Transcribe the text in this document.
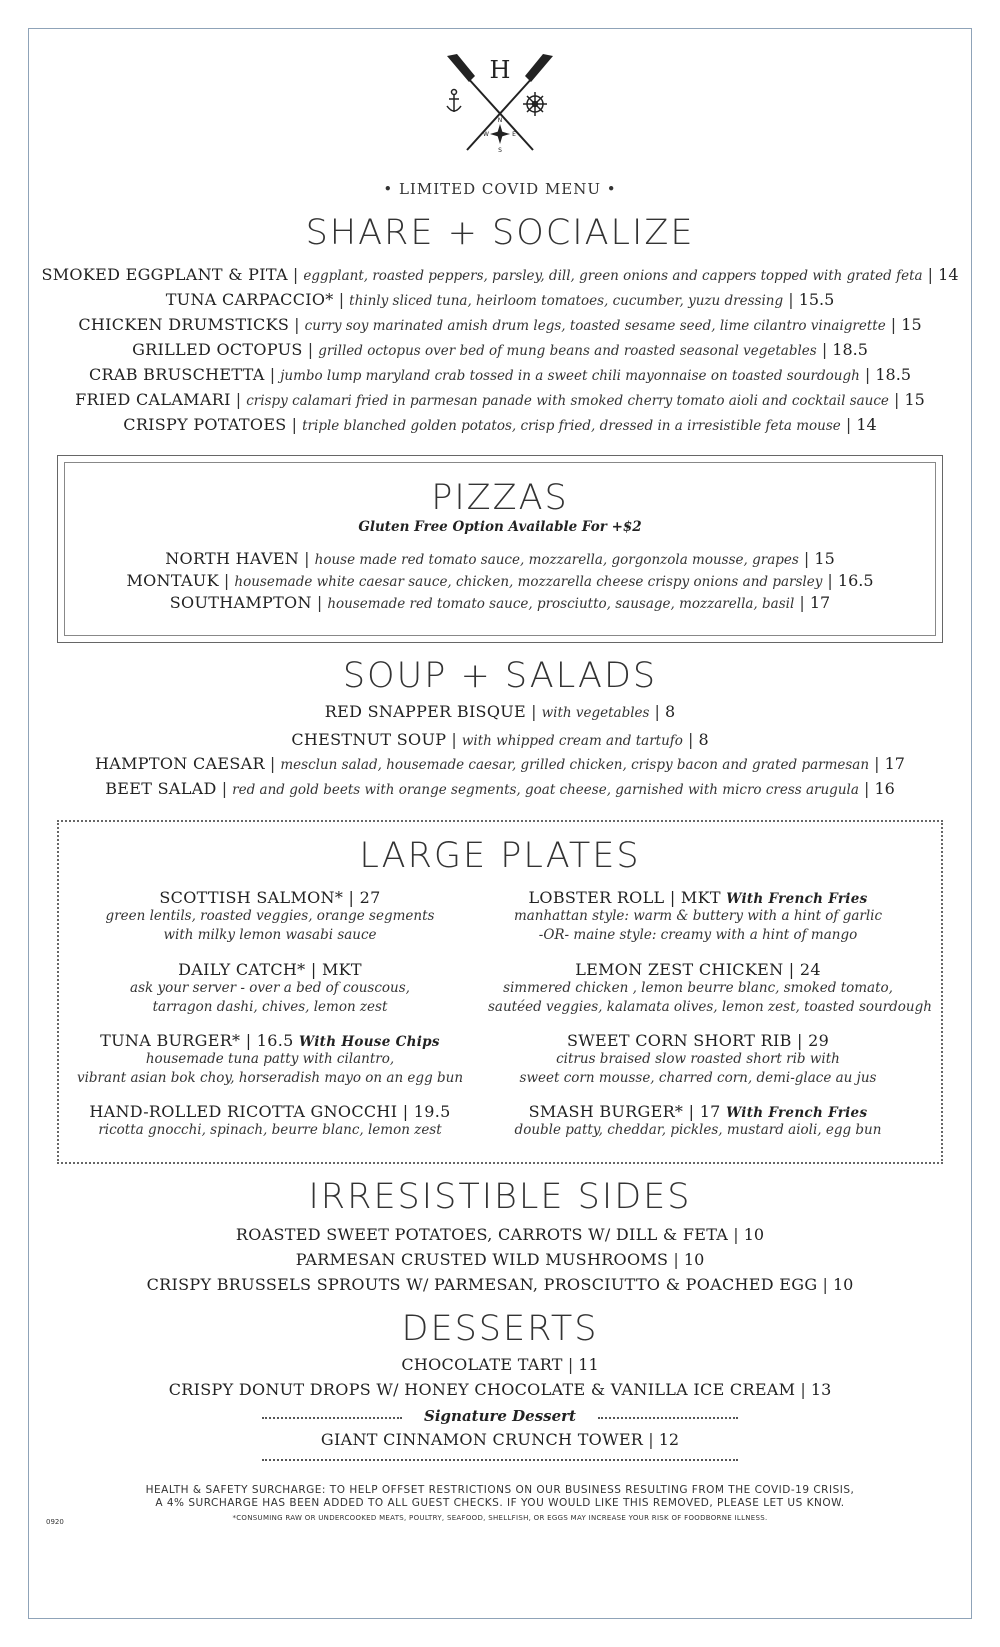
H
N
E
S
W
• LIMITED COVID MENU •
SHARE + SOCIALIZE
SMOKED EGGPLANT & PITA | eggplant, roasted peppers, parsley, dill, green onions and cappers topped with grated feta | 14
TUNA CARPACCIO* | thinly sliced tuna, heirloom tomatoes, cucumber, yuzu dressing | 15.5
CHICKEN DRUMSTICKS | curry soy marinated amish drum legs, toasted sesame seed, lime cilantro vinaigrette | 15
GRILLED OCTOPUS | grilled octopus over bed of mung beans and roasted seasonal vegetables | 18.5
CRAB BRUSCHETTA | jumbo lump maryland crab tossed in a sweet chili mayonnaise on toasted sourdough | 18.5
FRIED CALAMARI | crispy calamari fried in parmesan panade with smoked cherry tomato aioli and cocktail sauce | 15
CRISPY POTATOES | triple blanched golden potatos, crisp fried, dressed in a irresistible feta mouse | 14
PIZZAS
Gluten Free Option Available For +$2
NORTH HAVEN | house made red tomato sauce, mozzarella, gorgonzola mousse, grapes | 15
MONTAUK | housemade white caesar sauce, chicken, mozzarella cheese crispy onions and parsley | 16.5
SOUTHAMPTON | housemade red tomato sauce, prosciutto, sausage, mozzarella, basil | 17
SOUP + SALADS
RED SNAPPER BISQUE | with vegetables | 8
CHESTNUT SOUP | with whipped cream and tartufo | 8
HAMPTON CAESAR | mesclun salad, housemade caesar, grilled chicken, crispy bacon and grated parmesan | 17
BEET SALAD | red and gold beets with orange segments, goat cheese, garnished with micro cress arugula | 16
LARGE PLATES
SCOTTISH SALMON* | 27
green lentils, roasted veggies, orange segments
with milky lemon wasabi sauce
DAILY CATCH* | MKT
ask your server - over a bed of couscous,
tarragon dashi, chives, lemon zest
TUNA BURGER* | 16.5 With House Chips
housemade tuna patty with cilantro,
vibrant asian bok choy, horseradish mayo on an egg bun
HAND-ROLLED RICOTTA GNOCCHI | 19.5
ricotta gnocchi, spinach, beurre blanc, lemon zest
LOBSTER ROLL | MKT With French Fries
manhattan style: warm & buttery with a hint of garlic
-OR- maine style: creamy with a hint of mango
LEMON ZEST CHICKEN | 24
simmered chicken , lemon beurre blanc, smoked tomato,
sautéed veggies, kalamata olives, lemon zest, toasted sourdough
SWEET CORN SHORT RIB | 29
citrus braised slow roasted short rib with
sweet corn mousse, charred corn, demi-glace au jus
SMASH BURGER* | 17 With French Fries
double patty, cheddar, pickles, mustard aioli, egg bun
IRRESISTIBLE SIDES
ROASTED SWEET POTATOES, CARROTS W/ DILL & FETA | 10
PARMESAN CRUSTED WILD MUSHROOMS | 10
CRISPY BRUSSELS SPROUTS W/ PARMESAN, PROSCIUTTO & POACHED EGG | 10
DESSERTS
CHOCOLATE TART | 11
CRISPY DONUT DROPS W/ HONEY CHOCOLATE & VANILLA ICE CREAM | 13
Signature Dessert
GIANT CINNAMON CRUNCH TOWER | 12
HEALTH & SAFETY SURCHARGE: TO HELP OFFSET RESTRICTIONS ON OUR BUSINESS RESULTING FROM THE COVID-19 CRISIS,
A 4% SURCHARGE HAS BEEN ADDED TO ALL GUEST CHECKS. IF YOU WOULD LIKE THIS REMOVED, PLEASE LET US KNOW.
*CONSUMING RAW OR UNDERCOOKED MEATS, POULTRY, SEAFOOD, SHELLFISH, OR EGGS MAY INCREASE YOUR RISK OF FOODBORNE ILLNESS.
0920
